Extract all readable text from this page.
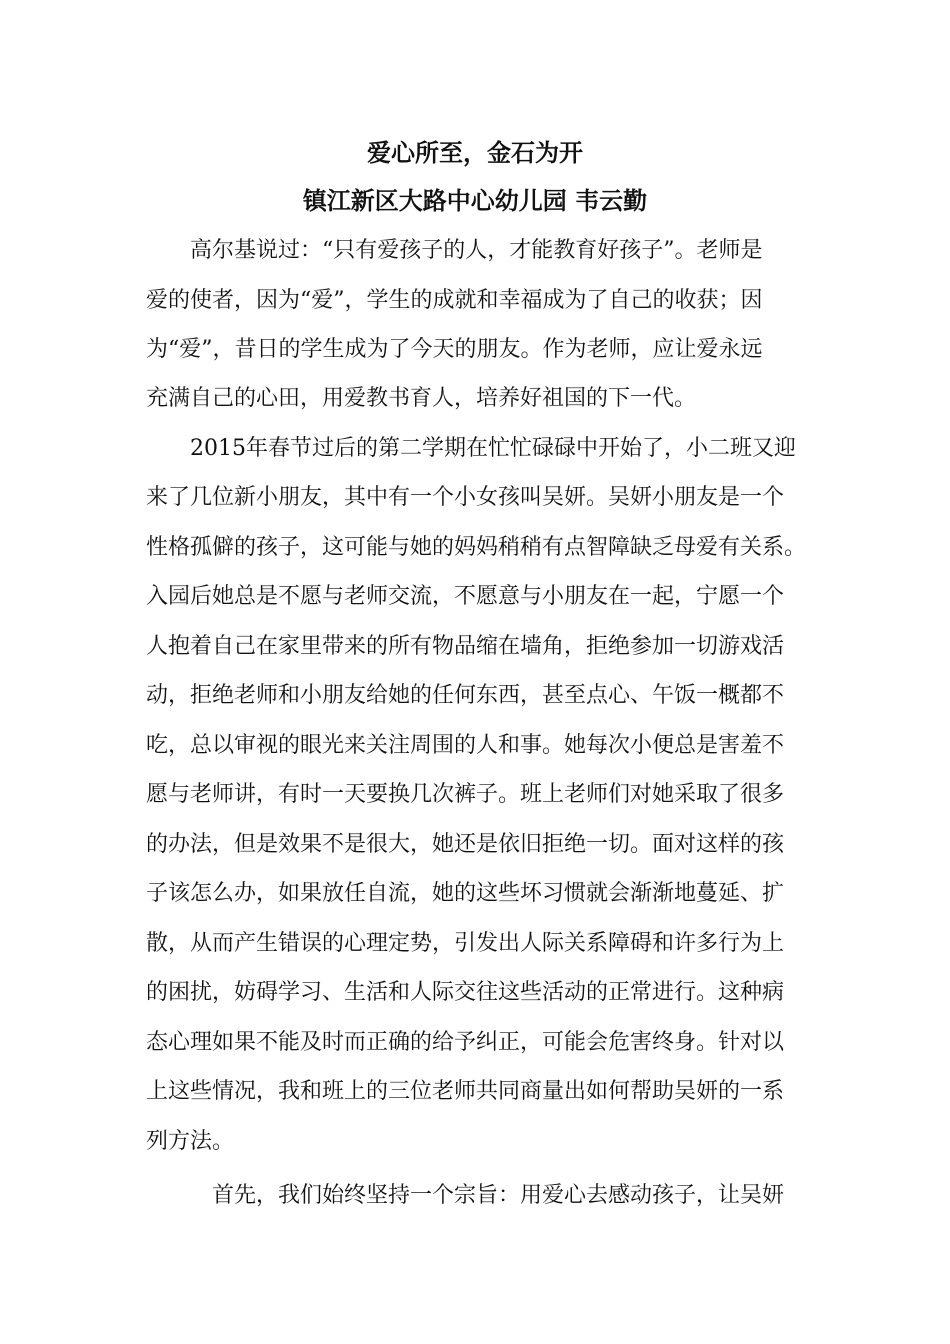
爱心所至，金石为开
镇江新区大路中心幼儿园 韦云勤
高尔基说过：“只有爱孩子的人，才能教育好孩子”。老师是
爱的使者，因为“爱”，学生的成就和幸福成为了自己的收获；因
为“爱”，昔日的学生成为了今天的朋友。作为老师，应让爱永远
充满自己的心田，用爱教书育人，培养好祖国的下一代。
2015年春节过后的第二学期在忙忙碌碌中开始了，小二班又迎
来了几位新小朋友，其中有一个小女孩叫吴妍。吴妍小朋友是一个
性格孤僻的孩子，这可能与她的妈妈稍稍有点智障缺乏母爱有关系。
入园后她总是不愿与老师交流，不愿意与小朋友在一起，宁愿一个
人抱着自己在家里带来的所有物品缩在墙角，拒绝参加一切游戏活
动，拒绝老师和小朋友给她的任何东西，甚至点心、午饭一概都不
吃，总以审视的眼光来关注周围的人和事。她每次小便总是害羞不
愿与老师讲，有时一天要换几次裤子。班上老师们对她采取了很多
的办法，但是效果不是很大，她还是依旧拒绝一切。面对这样的孩
子该怎么办，如果放任自流，她的这些坏习惯就会渐渐地蔓延、扩
散，从而产生错误的心理定势，引发出人际关系障碍和许多行为上
的困扰，妨碍学习、生活和人际交往这些活动的正常进行。这种病
态心理如果不能及时而正确的给予纠正，可能会危害终身。针对以
上这些情况，我和班上的三位老师共同商量出如何帮助吴妍的一系
列方法。
首先，我们始终坚持一个宗旨：用爱心去感动孩子，让吴妍
